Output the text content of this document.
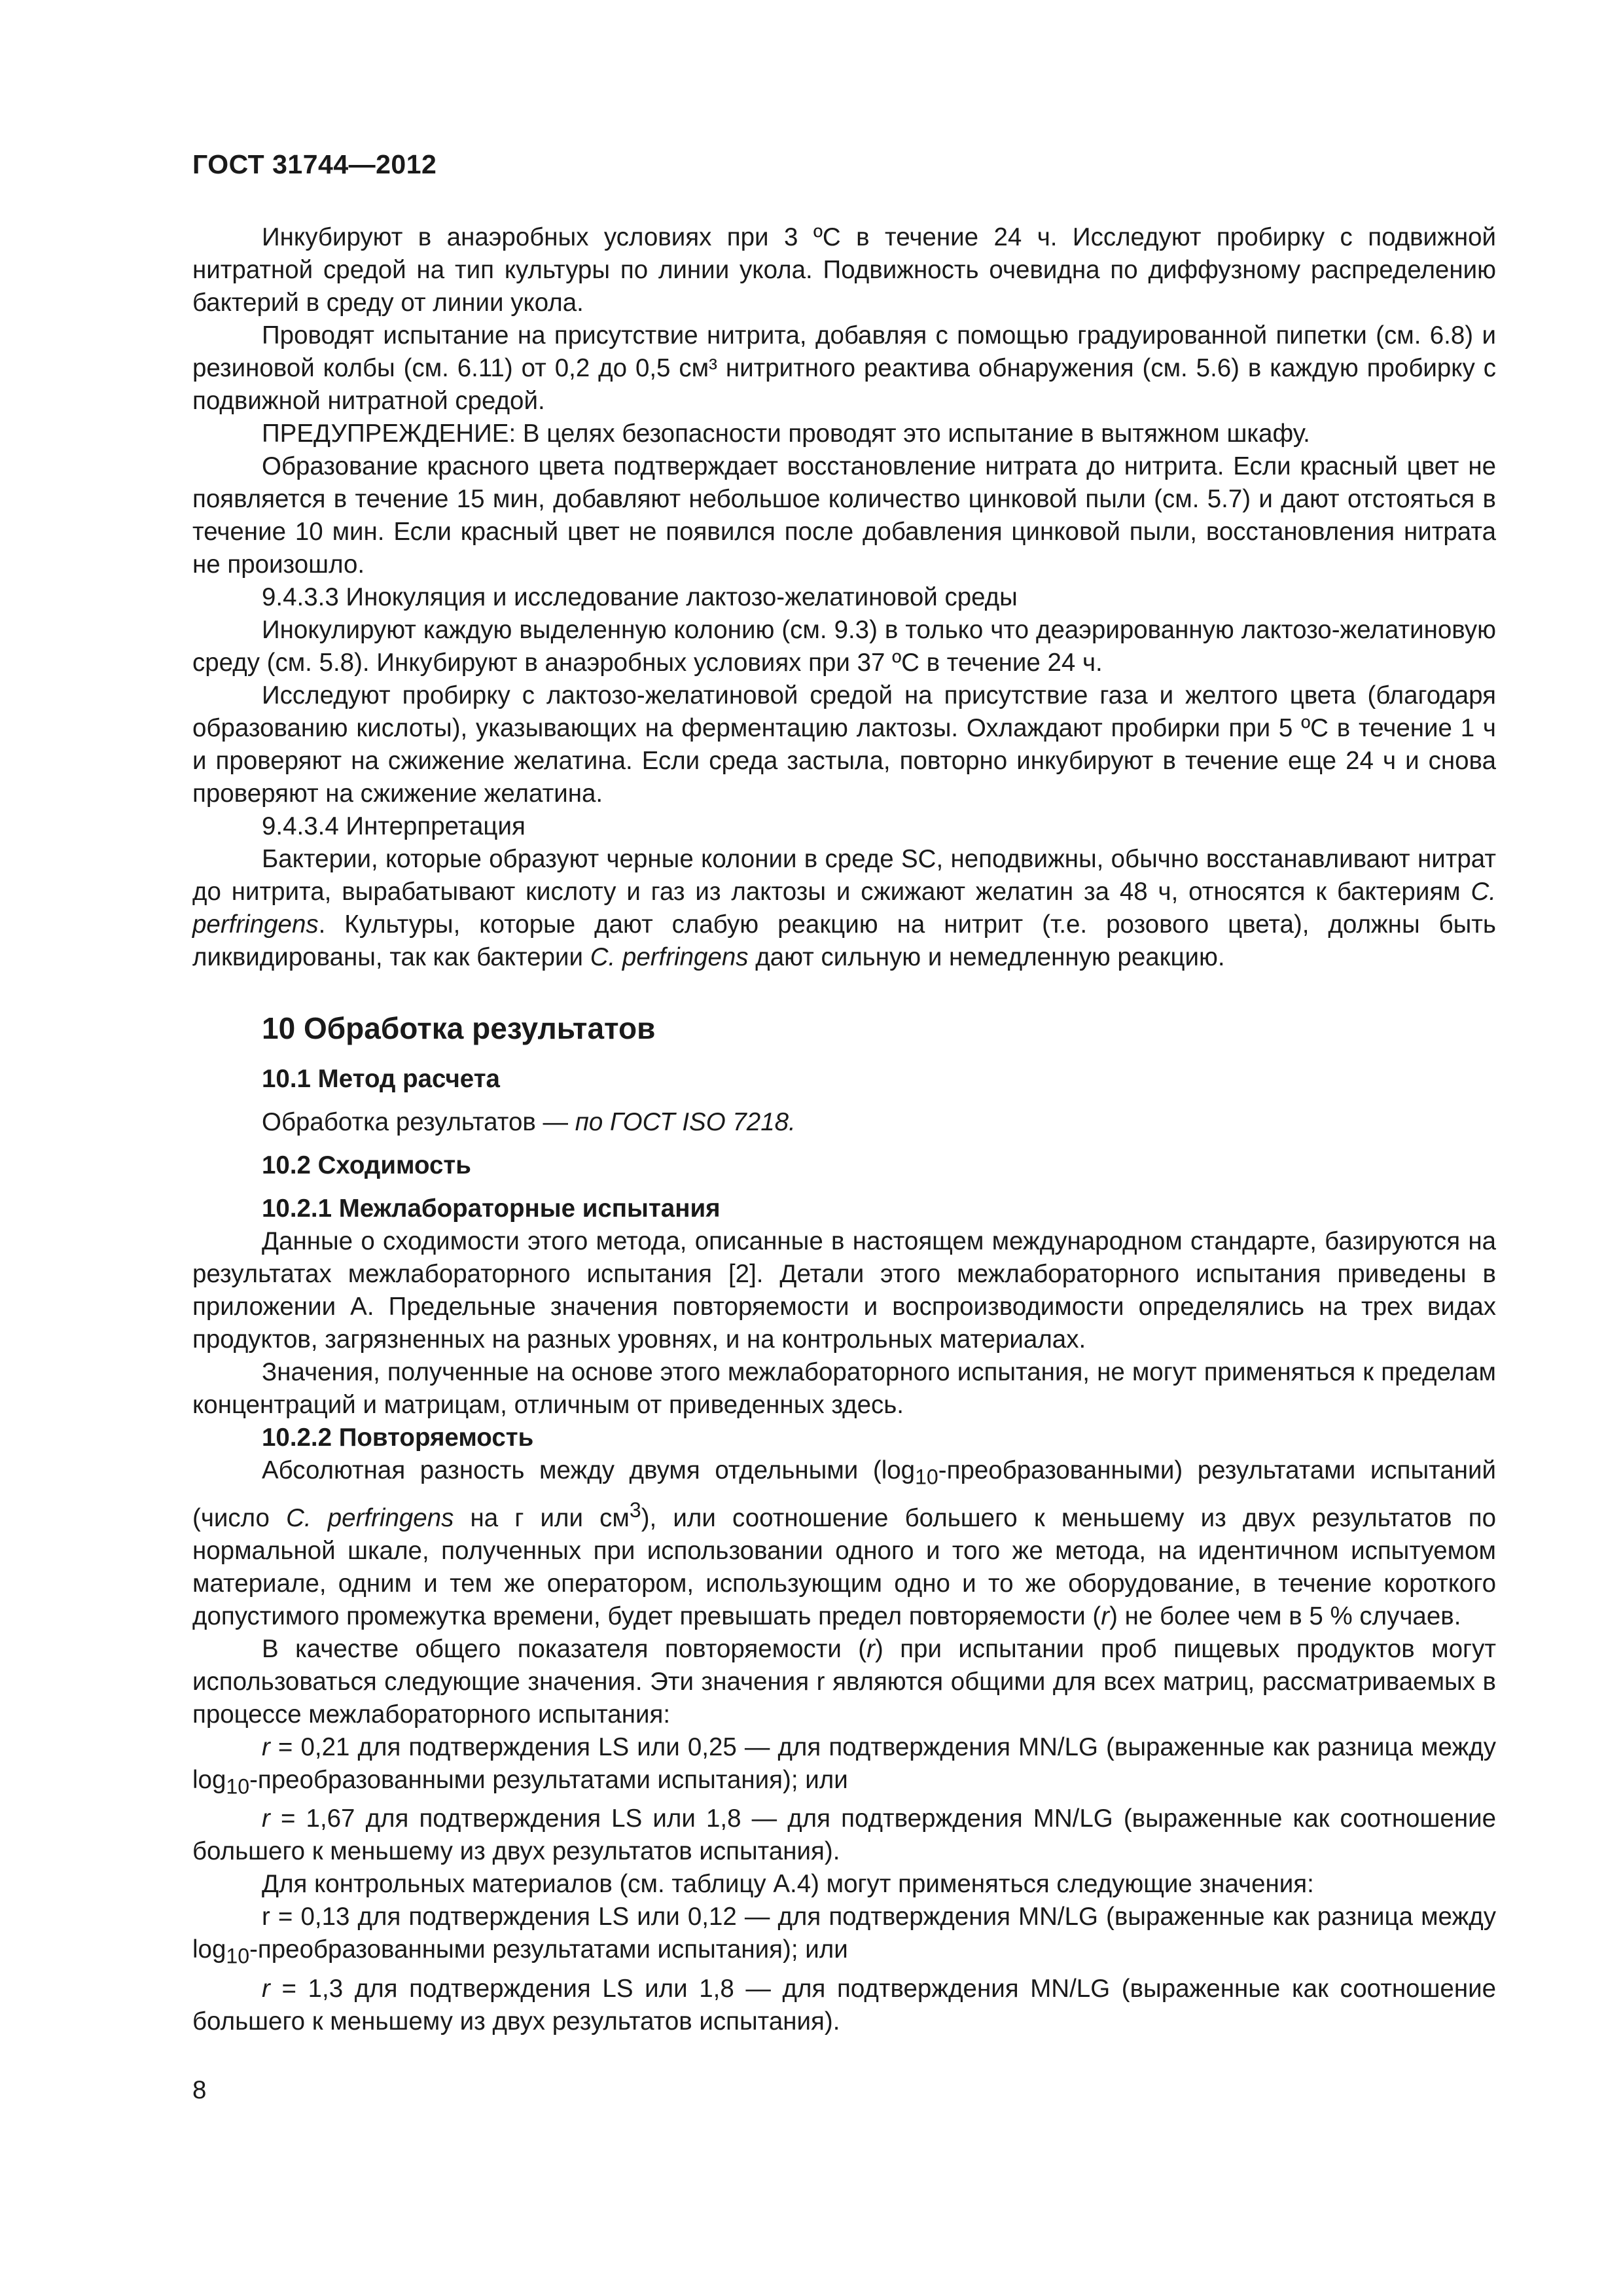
ГОСТ 31744—2012

Инкубируют в анаэробных условиях при 3 ºС в течение 24 ч. Исследуют пробирку с подвижной нитратной средой на тип культуры по линии укола. Подвижность очевидна по диффузному распределению бактерий в среду от линии укола.

Проводят испытание на присутствие нитрита, добавляя с помощью градуированной пипетки (см. 6.8) и резиновой колбы (см. 6.11) от 0,2 до 0,5 см³ нитритного реактива обнаружения (см. 5.6) в каждую пробирку с подвижной нитратной средой.

ПРЕДУПРЕЖДЕНИЕ: В целях безопасности проводят это испытание в вытяжном шкафу.

Образование красного цвета подтверждает восстановление нитрата до нитрита. Если красный цвет не появляется в течение 15 мин, добавляют небольшое количество цинковой пыли (см. 5.7) и дают отстояться в течение 10 мин. Если красный цвет не появился после добавления цинковой пыли, восстановления нитрата не произошло.

9.4.3.3 Инокуляция и исследование лактозо-желатиновой среды

Инокулируют каждую выделенную колонию (см. 9.3) в только что деаэрированную лактозо-желатиновую среду (см. 5.8). Инкубируют в анаэробных условиях при 37 ºС в течение 24 ч.

Исследуют пробирку с лактозо-желатиновой средой на присутствие газа и желтого цвета (благодаря образованию кислоты), указывающих на ферментацию лактозы. Охлаждают пробирки при 5 ºС в течение 1 ч и проверяют на сжижение желатина. Если среда застыла, повторно инкубируют в течение еще 24 ч и снова проверяют на сжижение желатина.

9.4.3.4 Интерпретация

Бактерии, которые образуют черные колонии в среде SC, неподвижны, обычно восстанавливают нитрат до нитрита, вырабатывают кислоту и газ из лактозы и сжижают желатин за 48 ч, относятся к бактериям C. perfringens. Культуры, которые дают слабую реакцию на нитрит (т.е. розового цвета), должны быть ликвидированы, так как бактерии C. perfringens дают сильную и немедленную реакцию.

10 Обработка результатов

10.1 Метод расчета

Обработка результатов — по ГОСТ ISO 7218.

10.2 Сходимость

10.2.1 Межлабораторные испытания

Данные о сходимости этого метода, описанные в настоящем международном стандарте, базируются на результатах межлабораторного испытания [2]. Детали этого межлабораторного испытания приведены в приложении А. Предельные значения повторяемости и воспроизводимости определялись на трех видах продуктов, загрязненных на разных уровнях, и на контрольных материалах.

Значения, полученные на основе этого межлабораторного испытания, не могут применяться к пределам концентраций и матрицам, отличным от приведенных здесь.

10.2.2 Повторяемость

Абсолютная разность между двумя отдельными $(\log_{10}-преобразованными)$ результатами испытаний (число C. perfringens на г или $см^3$), или соотношение большего к меньшему из двух результатов по нормальной шкале, полученных при использовании одного и того же метода, на идентичном испытуемом материале, одним и тем же оператором, использующим одно и то же оборудование, в течение короткого допустимого промежутка времени, будет превышать предел повторяемости (r) не более чем в 5 % случаев.

В качестве общего показателя повторяемости (r) при испытании проб пищевых продуктов могут использоваться следующие значения. Эти значения r являются общими для всех матриц, рассматриваемых в процессе межлабораторного испытания:

r = 0,21 для подтверждения LS или 0,25 — для подтверждения MN/LG (выраженные как разница между $\log_{10}$-преобразованными результатами испытания); или

r = 1,67 для подтверждения LS или 1,8 — для подтверждения MN/LG (выраженные как соотношение большего к меньшему из двух результатов испытания).

Для контрольных материалов (см. таблицу А.4) могут применяться следующие значения:

r = 0,13 для подтверждения LS или 0,12 — для подтверждения MN/LG (выраженные как разница между $\log_{10}$-преобразованными результатами испытания); или

r = 1,3 для подтверждения LS или 1,8 — для подтверждения MN/LG (выраженные как соотношение большего к меньшему из двух результатов испытания).

8
